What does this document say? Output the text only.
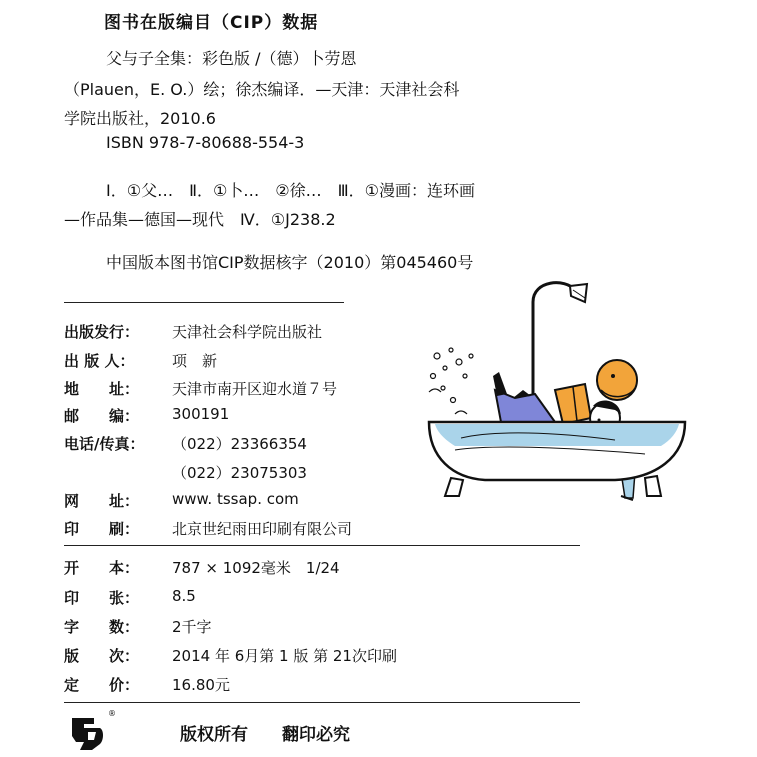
图书在版编目（CIP）数据
父与子全集：彩色版 /（德）卜劳恩
（Plauen，E. O.）绘；徐杰编译．—天津：天津社会科
学院出版社，2010.6
ISBN 978-7-80688-554-3
Ⅰ．①父…　Ⅱ．①卜…　②徐…　Ⅲ．①漫画：连环画
—作品集—德国—现代　Ⅳ．①J238.2
中国版本图书馆CIP数据核字（2010）第045460号
出版发行： 天津社会科学院出版社
出 版 人：	项　新
地　　址： 天津市南开区迎水道７号
邮　　编： 300191
电话/传真： （022）23366354
（022）23075303
网　　址： www. tssap. com
印　　刷： 北京世纪雨田印刷有限公司
开　　本： 787 × 1092毫米　1/24
印　　张： 8.5
字　　数： 2千字
版　　次： 2014 年 6月第 1 版 第 21次印刷
定　　价： 16.80元
®
版权所有　　翻印必究
